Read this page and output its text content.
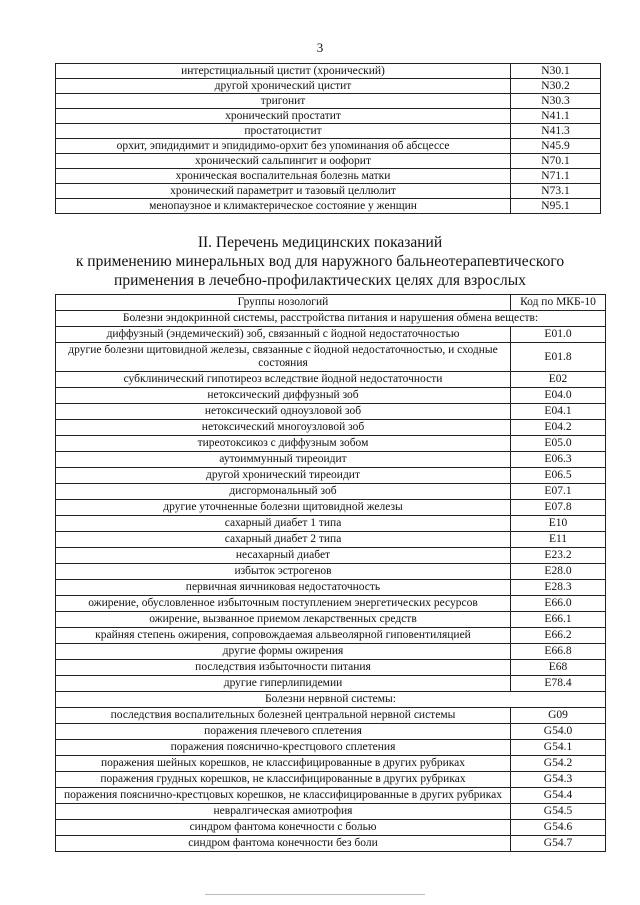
3
интерстициальный цистит (хронический)	N30.1
другой хронический цистит	N30.2
тригонит	N30.3
хронический простатит	N41.1
простатоцистит	N41.3
орхит, эпидидимит и эпидидимо-орхит без упоминания об абсцессе	N45.9
хронический сальпингит и оофорит	N70.1
хроническая воспалительная болезнь матки	N71.1
хронический параметрит и тазовый целлюлит	N73.1
менопаузное и климактерическое состояние у женщин	N95.1
II. Перечень медицинских показаний
к применению минеральных вод для наружного бальнеотерапевтического
применения в лечебно-профилактических целях для взрослых
Группы нозологий	Код по МКБ-10
Болезни эндокринной системы, расстройства питания и нарушения обмена веществ:	
диффузный (эндемический) зоб, связанный с йодной недостаточностью	E01.0
другие болезни щитовидной железы, связанные с йодной недостаточностью, и сходные состояния	E01.8
субклинический гипотиреоз вследствие йодной недостаточности	E02
нетоксический диффузный зоб	E04.0
нетоксический одноузловой зоб	E04.1
нетоксический многоузловой зоб	E04.2
тиреотоксикоз с диффузным зобом	E05.0
аутоиммунный тиреоидит	E06.3
другой хронический тиреоидит	E06.5
дисгормональный зоб	E07.1
другие уточненные болезни щитовидной железы	E07.8
сахарный диабет 1 типа	E10
сахарный диабет 2 типа	E11
несахарный диабет	E23.2
избыток эстрогенов	E28.0
первичная яичниковая недостаточность	E28.3
ожирение, обусловленное избыточным поступлением энергетических ресурсов	E66.0
ожирение, вызванное приемом лекарственных средств	E66.1
крайняя степень ожирения, сопровождаемая альвеолярной гиповентиляцией	E66.2
другие формы ожирения	E66.8
последствия избыточности питания	E68
другие гиперлипидемии	E78.4
Болезни нервной системы:	
последствия воспалительных болезней центральной нервной системы	G09
поражения плечевого сплетения	G54.0
поражения пояснично-крестцового сплетения	G54.1
поражения шейных корешков, не классифицированные в других рубриках	G54.2
поражения грудных корешков, не классифицированные в других рубриках	G54.3
поражения пояснично-крестцовых корешков, не классифицированные в других рубриках	G54.4
невралгическая амиотрофия	G54.5
синдром фантома конечности с болью	G54.6
синдром фантома конечности без боли	G54.7
